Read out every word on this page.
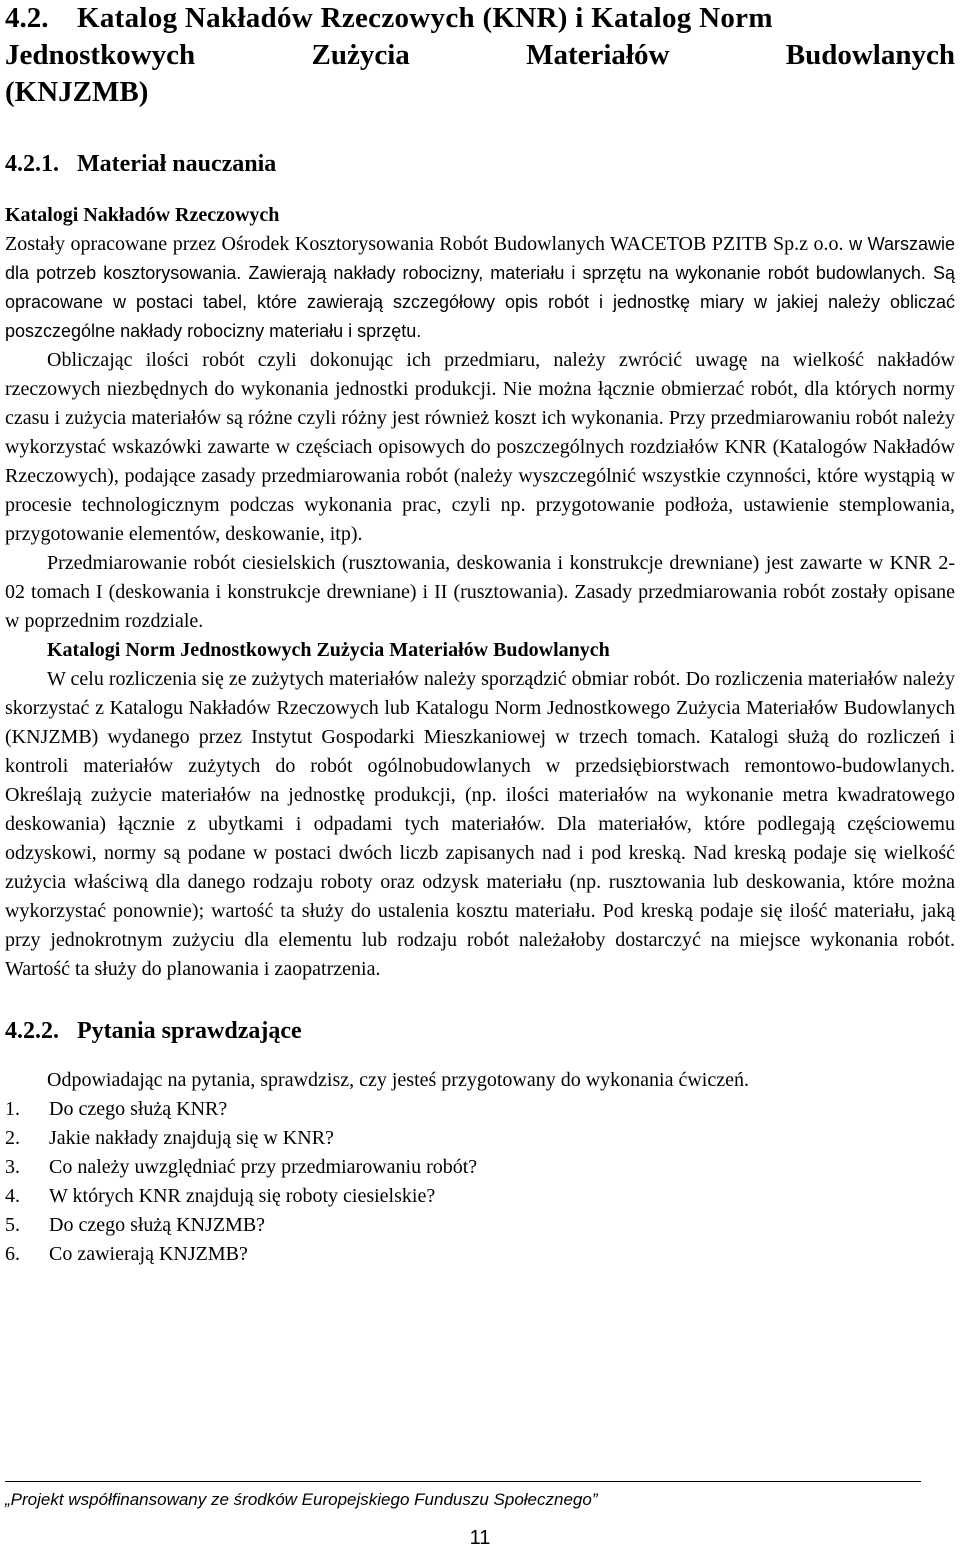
4.2. Katalog Nakładów Rzeczowych (KNR) i Katalog Norm

Jednostkowych Zużycia Materiałów Budowlanych
(KNJZMB)
4.2.1. Materiał nauczania
Katalogi Nakładów Rzeczowych

Zostały opracowane przez Ośrodek Kosztorysowania Robót Budowlanych WACETOB PZITB Sp.z o.o. w Warszawie dla potrzeb kosztorysowania. Zawierają nakłady robocizny, materiału i sprzętu na wykonanie robót budowlanych. Są opracowane w postaci tabel, które zawierają szczegółowy opis robót i jednostkę miary w jakiej należy obliczać poszczególne nakłady robocizny materiału i sprzętu.

Obliczając ilości robót czyli dokonując ich przedmiaru, należy zwrócić uwagę na wielkość nakładów rzeczowych niezbędnych do wykonania jednostki produkcji. Nie można łącznie obmierzać robót, dla których normy czasu i zużycia materiałów są różne czyli różny jest również koszt ich wykonania. Przy przedmiarowaniu robót należy wykorzystać wskazówki zawarte w częściach opisowych do poszczególnych rozdziałów KNR (Katalogów Nakładów Rzeczowych), podające zasady przedmiarowania robót (należy wyszczególnić wszystkie czynności, które wystąpią w procesie technologicznym podczas wykonania prac, czyli np. przygotowanie podłoża, ustawienie stemplowania, przygotowanie elementów, deskowanie, itp).

Przedmiarowanie robót ciesielskich (rusztowania, deskowania i konstrukcje drewniane) jest zawarte w KNR 2-02 tomach I (deskowania i konstrukcje drewniane) i II (rusztowania). Zasady przedmiarowania robót zostały opisane w poprzednim rozdziale.

Katalogi Norm Jednostkowych Zużycia Materiałów Budowlanych

W celu rozliczenia się ze zużytych materiałów należy sporządzić obmiar robót. Do rozliczenia materiałów należy skorzystać z Katalogu Nakładów Rzeczowych lub Katalogu Norm Jednostkowego Zużycia Materiałów Budowlanych (KNJZMB) wydanego przez Instytut Gospodarki Mieszkaniowej w trzech tomach. Katalogi służą do rozliczeń i kontroli materiałów zużytych do robót ogólnobudowlanych w przedsiębiorstwach remontowo-budowlanych. Określają zużycie materiałów na jednostkę produkcji, (np. ilości materiałów na wykonanie metra kwadratowego deskowania) łącznie z ubytkami i odpadami tych materiałów. Dla materiałów, które podlegają częściowemu odzyskowi, normy są podane w postaci dwóch liczb zapisanych nad i pod kreską. Nad kreską podaje się wielkość zużycia właściwą dla danego rodzaju roboty oraz odzysk materiału (np. rusztowania lub deskowania, które można wykorzystać ponownie); wartość ta służy do ustalenia kosztu materiału. Pod kreską podaje się ilość materiału, jaką przy jednokrotnym zużyciu dla elementu lub rodzaju robót należałoby dostarczyć na miejsce wykonania robót. Wartość ta służy do planowania i zaopatrzenia.

4.2.2. Pytania sprawdzające

Odpowiadając na pytania, sprawdzisz, czy jesteś przygotowany do wykonania ćwiczeń.

1.	Do czego służą KNR?
2.	Jakie nakłady znajdują się w KNR?
3.	Co należy uwzględniać przy przedmiarowaniu robót?
4.	W których KNR znajdują się roboty ciesielskie?
5.	Do czego służą KNJZMB?
6.	Co zawierają KNJZMB?
„Projekt współfinansowany ze środków Europejskiego Funduszu Społecznego”
11
